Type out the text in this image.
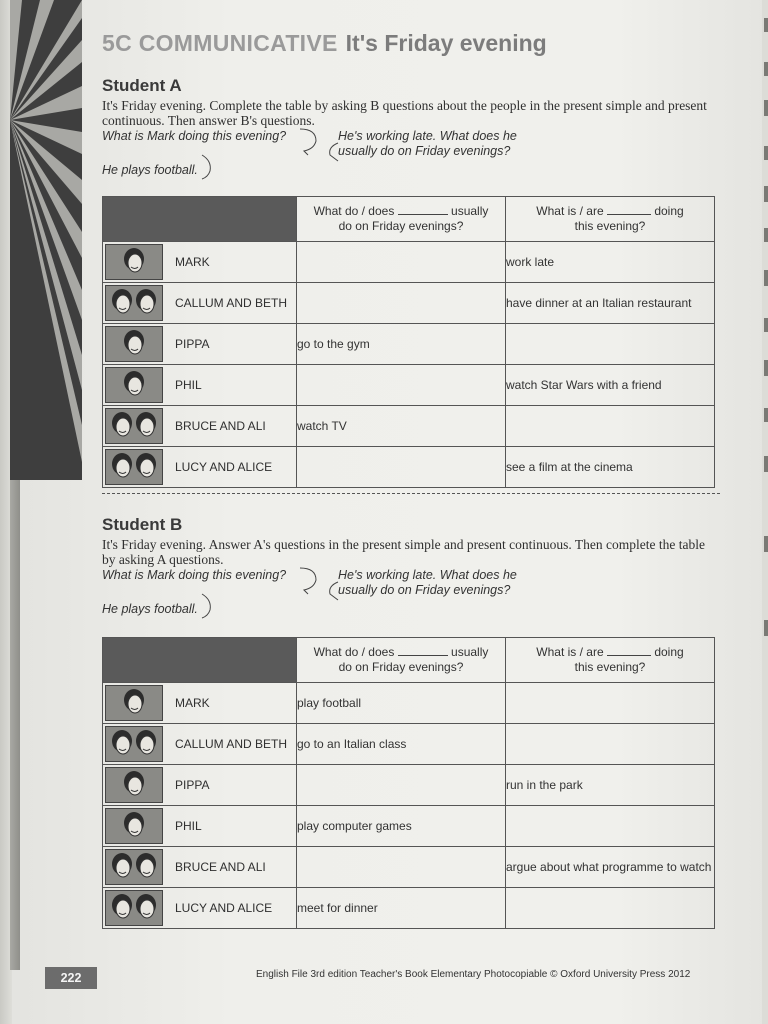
5C COMMUNICATIVE It's Friday evening
Student A

It's Friday evening. Complete the table by asking B questions about the people in the present simple and present continuous. Then answer B's questions.

What is Mark doing this evening?	He's working late. What does he usually do on Friday evenings?
He plays football.
	What do / does usually
do on Friday evenings?	What is / are doing
this evening?

MARK		work late

CALLUM AND BETH		have dinner at an Italian restaurant

PIPPA	go to the gym	

PHIL		watch Star Wars with a friend

BRUCE AND ALI	watch TV	

LUCY AND ALICE		see a film at the cinema
Student B

It's Friday evening. Answer A's questions in the present simple and present continuous. Then complete the table by asking A questions.

What is Mark doing this evening?	He's working late. What does he usually do on Friday evenings?
He plays football.
	What do / does usually
do on Friday evenings?	What is / are doing
this evening?

MARK	play football	

CALLUM AND BETH	go to an Italian class	

PIPPA		run in the park

PHIL	play computer games	

BRUCE AND ALI		argue about what programme to watch

LUCY AND ALICE	meet for dinner	
222	English File 3rd edition Teacher's Book Elementary Photocopiable © Oxford University Press 2012
